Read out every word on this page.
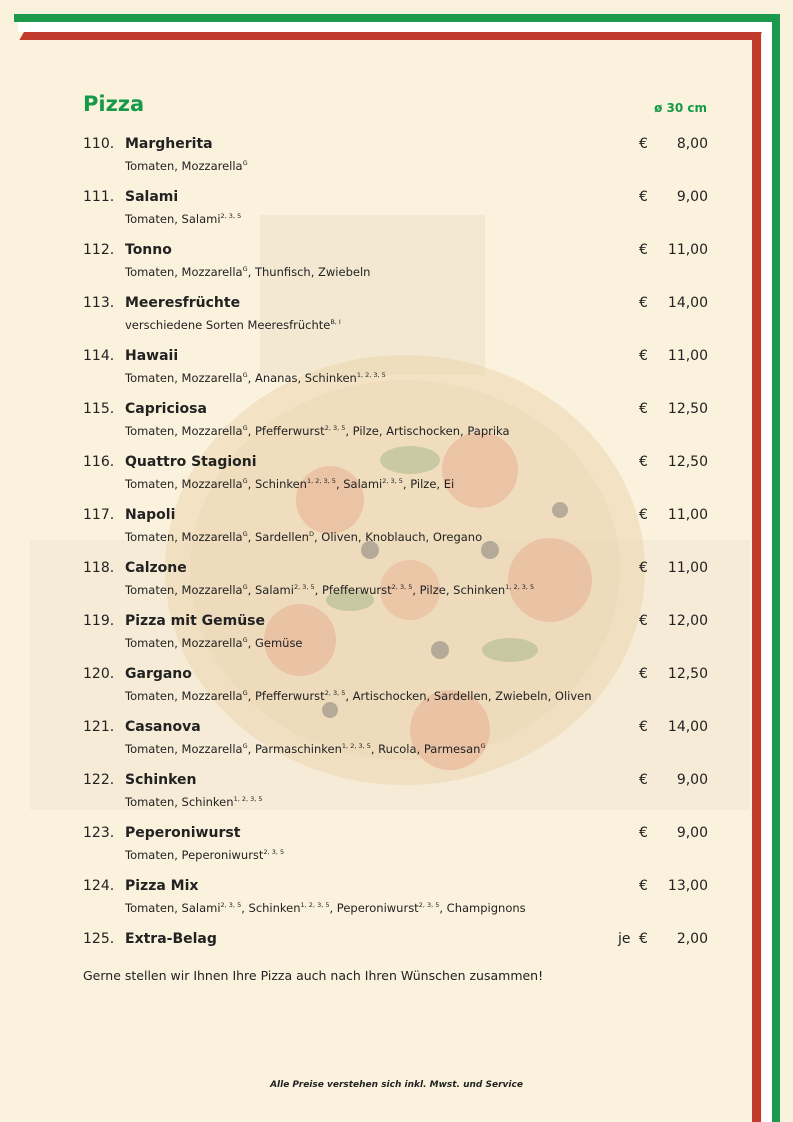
Pizza	ø 30 cm
110. Margherita
Tomaten, Mozzarella$^G$
€	8,00
111. Salami
Tomaten, Salami$^{2, 3, 5}$
€	9,00
112. Tonno
Tomaten, Mozzarella$^G$, Thunfisch, Zwiebeln
€	11,00
113. Meeresfrüchte
verschiedene Sorten Meeresfrüchte$^{B, I}$
€	14,00
114. Hawaii
Tomaten, Mozzarella$^G$, Ananas, Schinken$^{1, 2, 3, 5}$
€	11,00
115. Capriciosa
Tomaten, Mozzarella$^G$, Pfefferwurst$^{2, 3, 5}$, Pilze, Artischocken, Paprika
€	12,50
116. Quattro Stagioni
Tomaten, Mozzarella$^G$, Schinken$^{1, 2, 3, 5}$, Salami$^{2, 3, 5}$, Pilze, Ei
€	12,50
117. Napoli
Tomaten, Mozzarella$^G$, Sardellen$^D$, Oliven, Knoblauch, Oregano
€	11,00
118. Calzone
Tomaten, Mozzarella$^G$, Salami$^{2, 3, 5}$, Pfefferwurst$^{2, 3, 5}$, Pilze, Schinken$^{1, 2, 3, 5}$
€	11,00
119. Pizza mit Gemüse
Tomaten, Mozzarella$^G$, Gemüse
€	12,00
120. Gargano
Tomaten, Mozzarella$^G$, Pfefferwurst$^{2, 3, 5}$, Artischocken, Sardellen, Zwiebeln, Oliven
€	12,50
121. Casanova
Tomaten, Mozzarella$^G$, Parmaschinken$^{1, 2, 3, 5}$, Rucola, Parmesan$^G$
€	14,00
122. Schinken
Tomaten, Schinken$^{1, 2, 3, 5}$
€	9,00
123. Peperoniwurst
Tomaten, Peperoniwurst$^{2, 3, 5}$
€	9,00
124. Pizza Mix
Tomaten, Salami$^{2, 3, 5}$, Schinken$^{1, 2, 3, 5}$, Peperoniwurst$^{2, 3, 5}$, Champignons
€	13,00
125. Extra-Belag	je €	2,00
Gerne stellen wir Ihnen Ihre Pizza auch nach Ihren Wünschen zusammen!
Alle Preise verstehen sich inkl. Mwst. und Service
